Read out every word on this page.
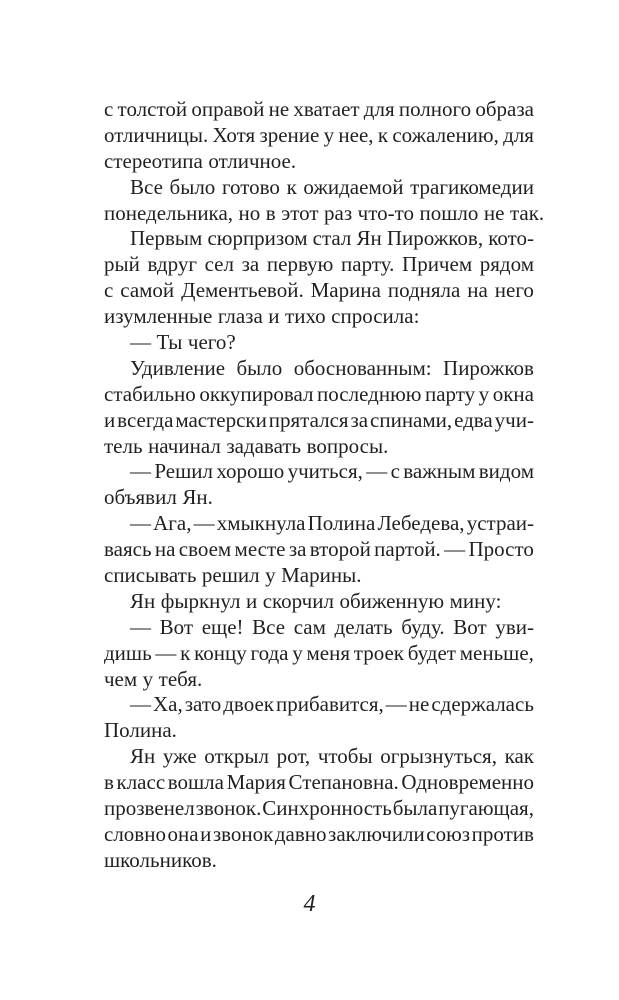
с толстой оправой не хватает для полного образа
отличницы. Хотя зрение у нее, к сожалению, для
стереотипа отличное.
Все было готово к ожидаемой трагикомедии
понедельника, но в этот раз что-то пошло не так.
Первым сюрпризом стал Ян Пирожков, кото-
рый вдруг сел за первую парту. Причем рядом
с самой Дементьевой. Марина подняла на него
изумленные глаза и тихо спросила:
— Ты чего?
Удивление было обоснованным: Пирожков
стабильно оккупировал последнюю парту у окна
и всегда мастерски прятался за спинами, едва учи-
тель начинал задавать вопросы.
— Решил хорошо учиться, — с важным видом
объявил Ян.
— Ага, — хмыкнула Полина Лебедева, устраи-
ваясь на своем месте за второй партой. — Просто
списывать решил у Марины.
Ян фыркнул и скорчил обиженную мину:
— Вот еще! Все сам делать буду. Вот уви-
дишь — к концу года у меня троек будет меньше,
чем у тебя.
— Ха, зато двоек прибавится, — не сдержалась
Полина.
Ян уже открыл рот, чтобы огрызнуться, как
в класс вошла Мария Степановна. Одновременно
прозвенел звонок. Синхронность была пугающая,
словно она и звонок давно заключили союз против
школьников.
4
